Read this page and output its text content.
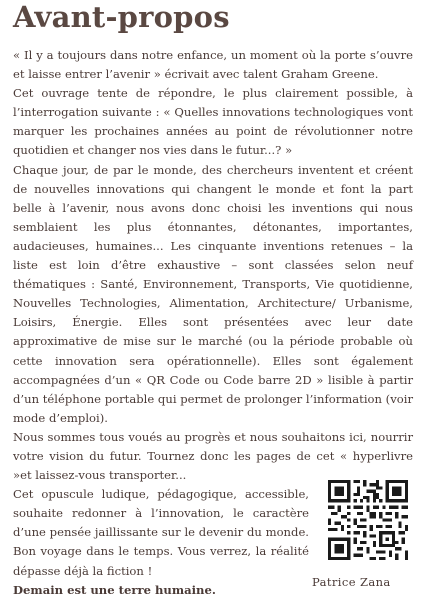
Avant-propos

« Il y a toujours dans notre enfance, un moment où la porte s’ouvre et laisse entrer l’avenir » écrivait avec talent Graham Greene.

Cet ouvrage tente de répondre, le plus clairement possible, à l’interrogation suivante : « Quelles innovations technologiques vont marquer les prochaines années au point de révolutionner notre quotidien et changer nos vies dans le futur...? »

Chaque jour, de par le monde, des chercheurs inventent et créent de nouvelles innovations qui changent le monde et font la part belle à l’avenir, nous avons donc choisi les inventions qui nous semblaient les plus étonnantes, détonantes, importantes, audacieuses, humaines... Les cinquante inventions retenues – la liste est loin d’être exhaustive – sont classées selon neuf thématiques : Santé, Environnement, Transports, Vie quotidienne, Nouvelles Technologies, Alimentation, Architecture/ Urbanisme, Loisirs, Énergie. Elles sont présentées avec leur date approximative de mise sur le marché (ou la période probable où cette innovation sera opérationnelle). Elles sont également accompagnées d’un « QR Code ou Code barre 2D » lisible à partir d’un téléphone portable qui permet de prolonger l’information (voir mode d’emploi).

Nous sommes tous voués au progrès et nous souhaitons ici, nourrir votre vision du futur. Tournez donc les pages de cet « hyperlivre »et laissez-vous transporter...

Cet opuscule ludique, pédagogique, accessible, souhaite redonner à l’innovation, le caractère d’une pensée jaillissante sur le devenir du monde. Bon voyage dans le temps. Vous verrez, la réalité dépasse déjà la fiction !

Demain est une terre humaine.

Patrice Zana
